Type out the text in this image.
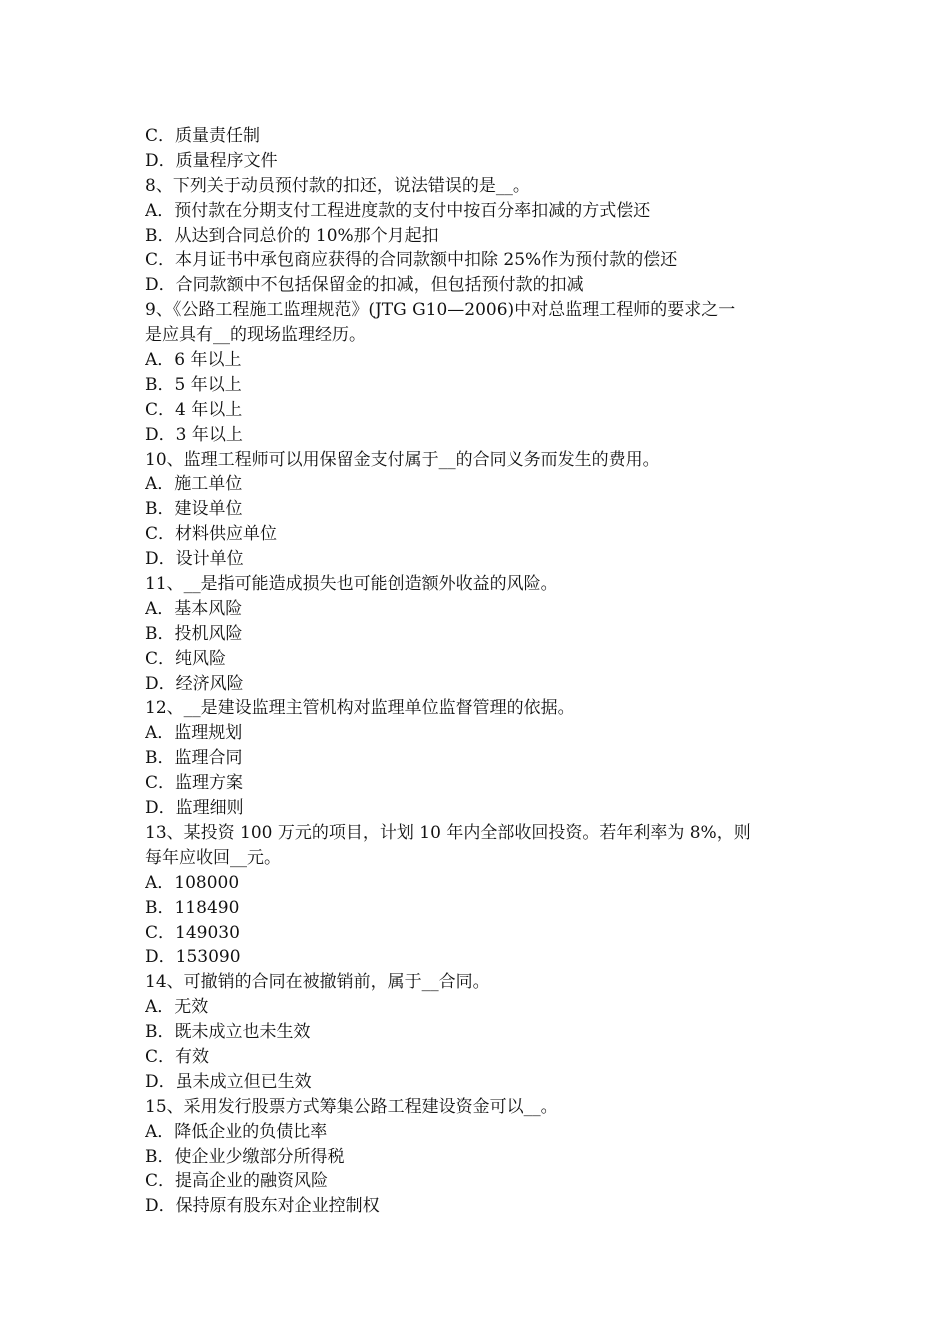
C．质量责任制
D．质量程序文件
8、下列关于动员预付款的扣还，说法错误的是__。
A．预付款在分期支付工程进度款的支付中按百分率扣减的方式偿还
B．从达到合同总价的 10%那个月起扣
C．本月证书中承包商应获得的合同款额中扣除 25%作为预付款的偿还
D．合同款额中不包括保留金的扣减，但包括预付款的扣减
9、《公路工程施工监理规范》(JTG G10—2006)中对总监理工程师的要求之一
是应具有__的现场监理经历。
A．6 年以上
B．5 年以上
C．4 年以上
D．3 年以上
10、监理工程师可以用保留金支付属于__的合同义务而发生的费用。
A．施工单位
B．建设单位
C．材料供应单位
D．设计单位
11、__是指可能造成损失也可能创造额外收益的风险。
A．基本风险
B．投机风险
C．纯风险
D．经济风险
12、__是建设监理主管机构对监理单位监督管理的依据。
A．监理规划
B．监理合同
C．监理方案
D．监理细则
13、某投资 100 万元的项目，计划 10 年内全部收回投资。若年利率为 8%，则
每年应收回__元。
A．108000
B．118490
C．149030
D．153090
14、可撤销的合同在被撤销前，属于__合同。
A．无效
B．既未成立也未生效
C．有效
D．虽未成立但已生效
15、采用发行股票方式筹集公路工程建设资金可以__。
A．降低企业的负债比率
B．使企业少缴部分所得税
C．提高企业的融资风险
D．保持原有股东对企业控制权
